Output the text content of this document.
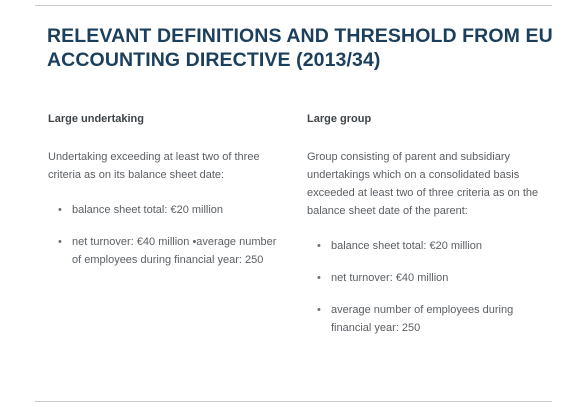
RELEVANT DEFINITIONS AND THRESHOLD FROM EU ACCOUNTING DIRECTIVE (2013/34)
Large undertaking

Undertaking exceeding at least two of three criteria as on its balance sheet date:

• balance sheet total: €20 million
• net turnover: €40 million •average number of employees during financial year: 250
Large group

Group consisting of parent and subsidiary undertakings which on a consolidated basis exceeded at least two of three criteria as on the balance sheet date of the parent:

• balance sheet total: €20 million
• net turnover: €40 million
• average number of employees during financial year: 250
